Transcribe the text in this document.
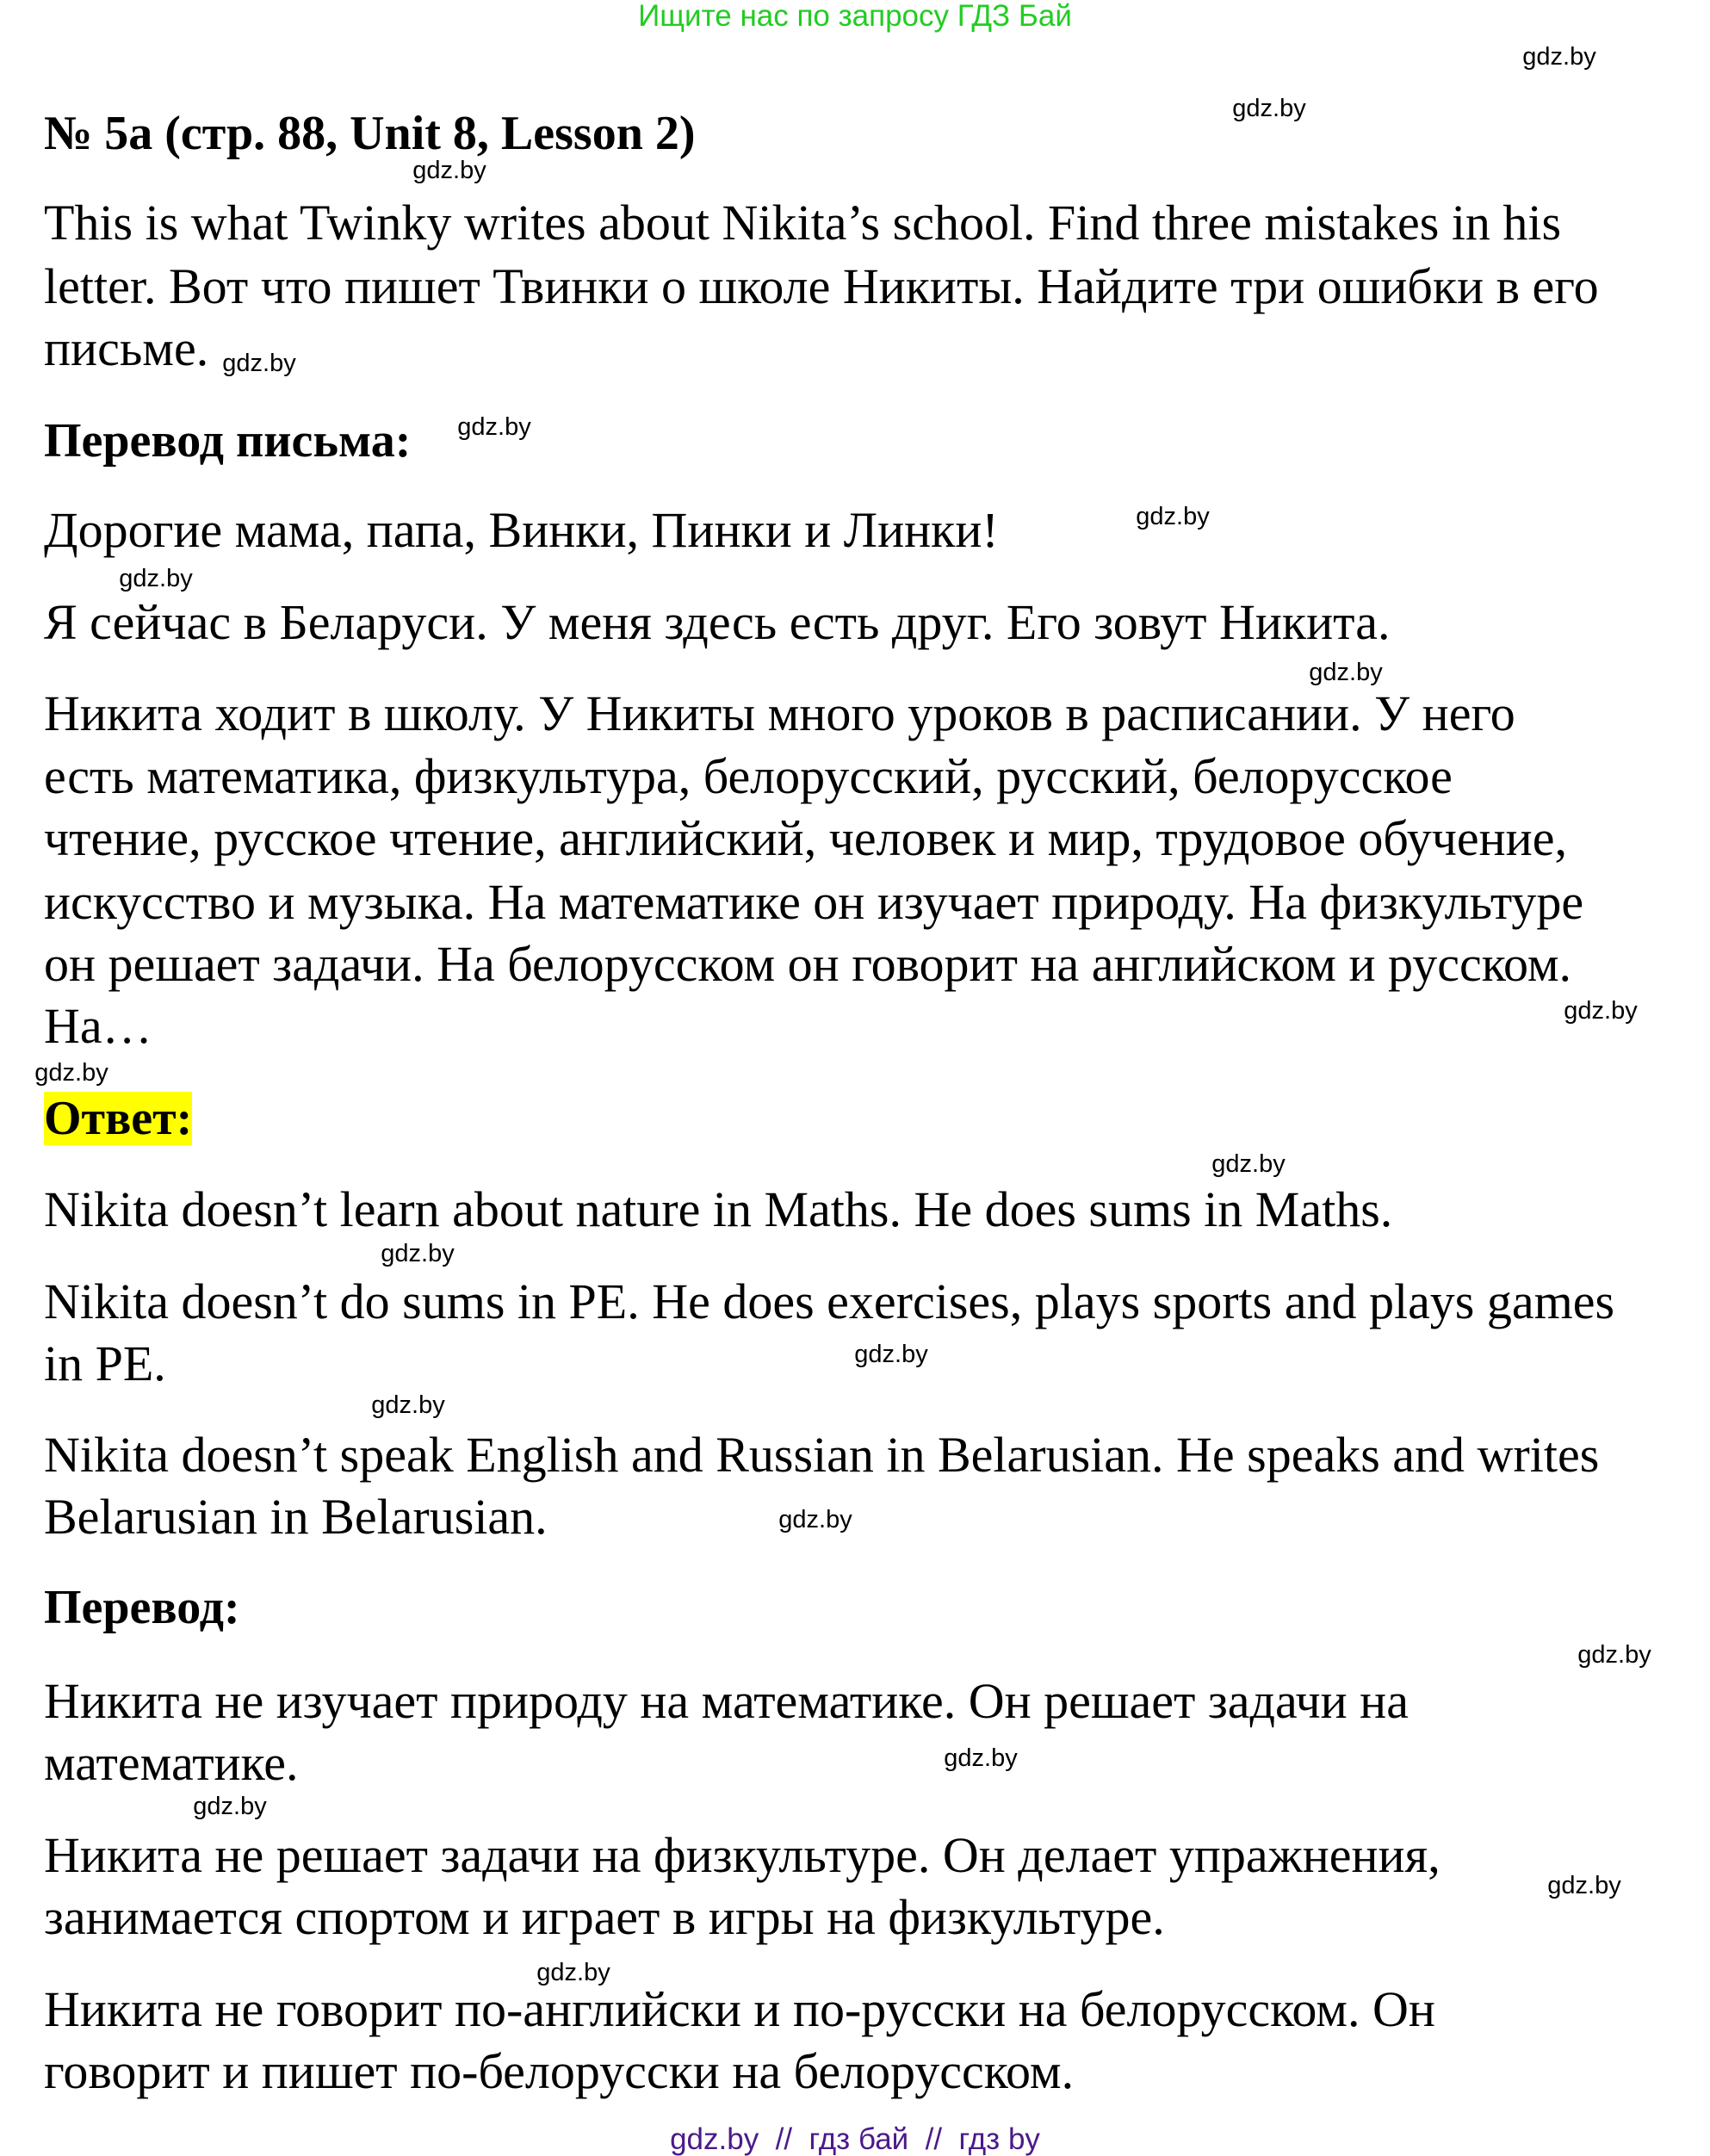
Ищите нас по запросу ГДЗ Бай
№ 5a (стр. 88, Unit 8, Lesson 2)
This is what Twinky writes about Nikita’s school. Find three mistakes in his
letter. Вот что пишет Твинки о школе Никиты. Найдите три ошибки в его
письме.
Перевод письма:
Дорогие мама, папа, Винки, Пинки и Линки!
Я сейчас в Беларуси. У меня здесь есть друг. Его зовут Никита.
Никита ходит в школу. У Никиты много уроков в расписании. У него
есть математика, физкультура, белорусский, русский, белорусское
чтение, русское чтение, английский, человек и мир, трудовое обучение,
искусство и музыка. На математике он изучает природу. На физкультуре
он решает задачи. На белорусском он говорит на английском и русском.
На…
Ответ:
Nikita doesn’t learn about nature in Maths. He does sums in Maths.
Nikita doesn’t do sums in PE. He does exercises, plays sports and plays games
in PE.
Nikita doesn’t speak English and Russian in Belarusian. He speaks and writes
Belarusian in Belarusian.
Перевод:
Никита не изучает природу на математике. Он решает задачи на
математике.
Никита не решает задачи на физкультуре. Он делает упражнения,
занимается спортом и играет в игры на физкультуре.
Никита не говорит по-английски и по-русски на белорусском. Он
говорит и пишет по-белорусски на белорусском.
gdz.by
gdz.by
gdz.by
gdz.by
gdz.by
gdz.by
gdz.by
gdz.by
gdz.by
gdz.by
gdz.by
gdz.by
gdz.by
gdz.by
gdz.by
gdz.by
gdz.by
gdz.by
gdz.by
gdz.by
gdz.by  //  гдз бай  //  гдз by
